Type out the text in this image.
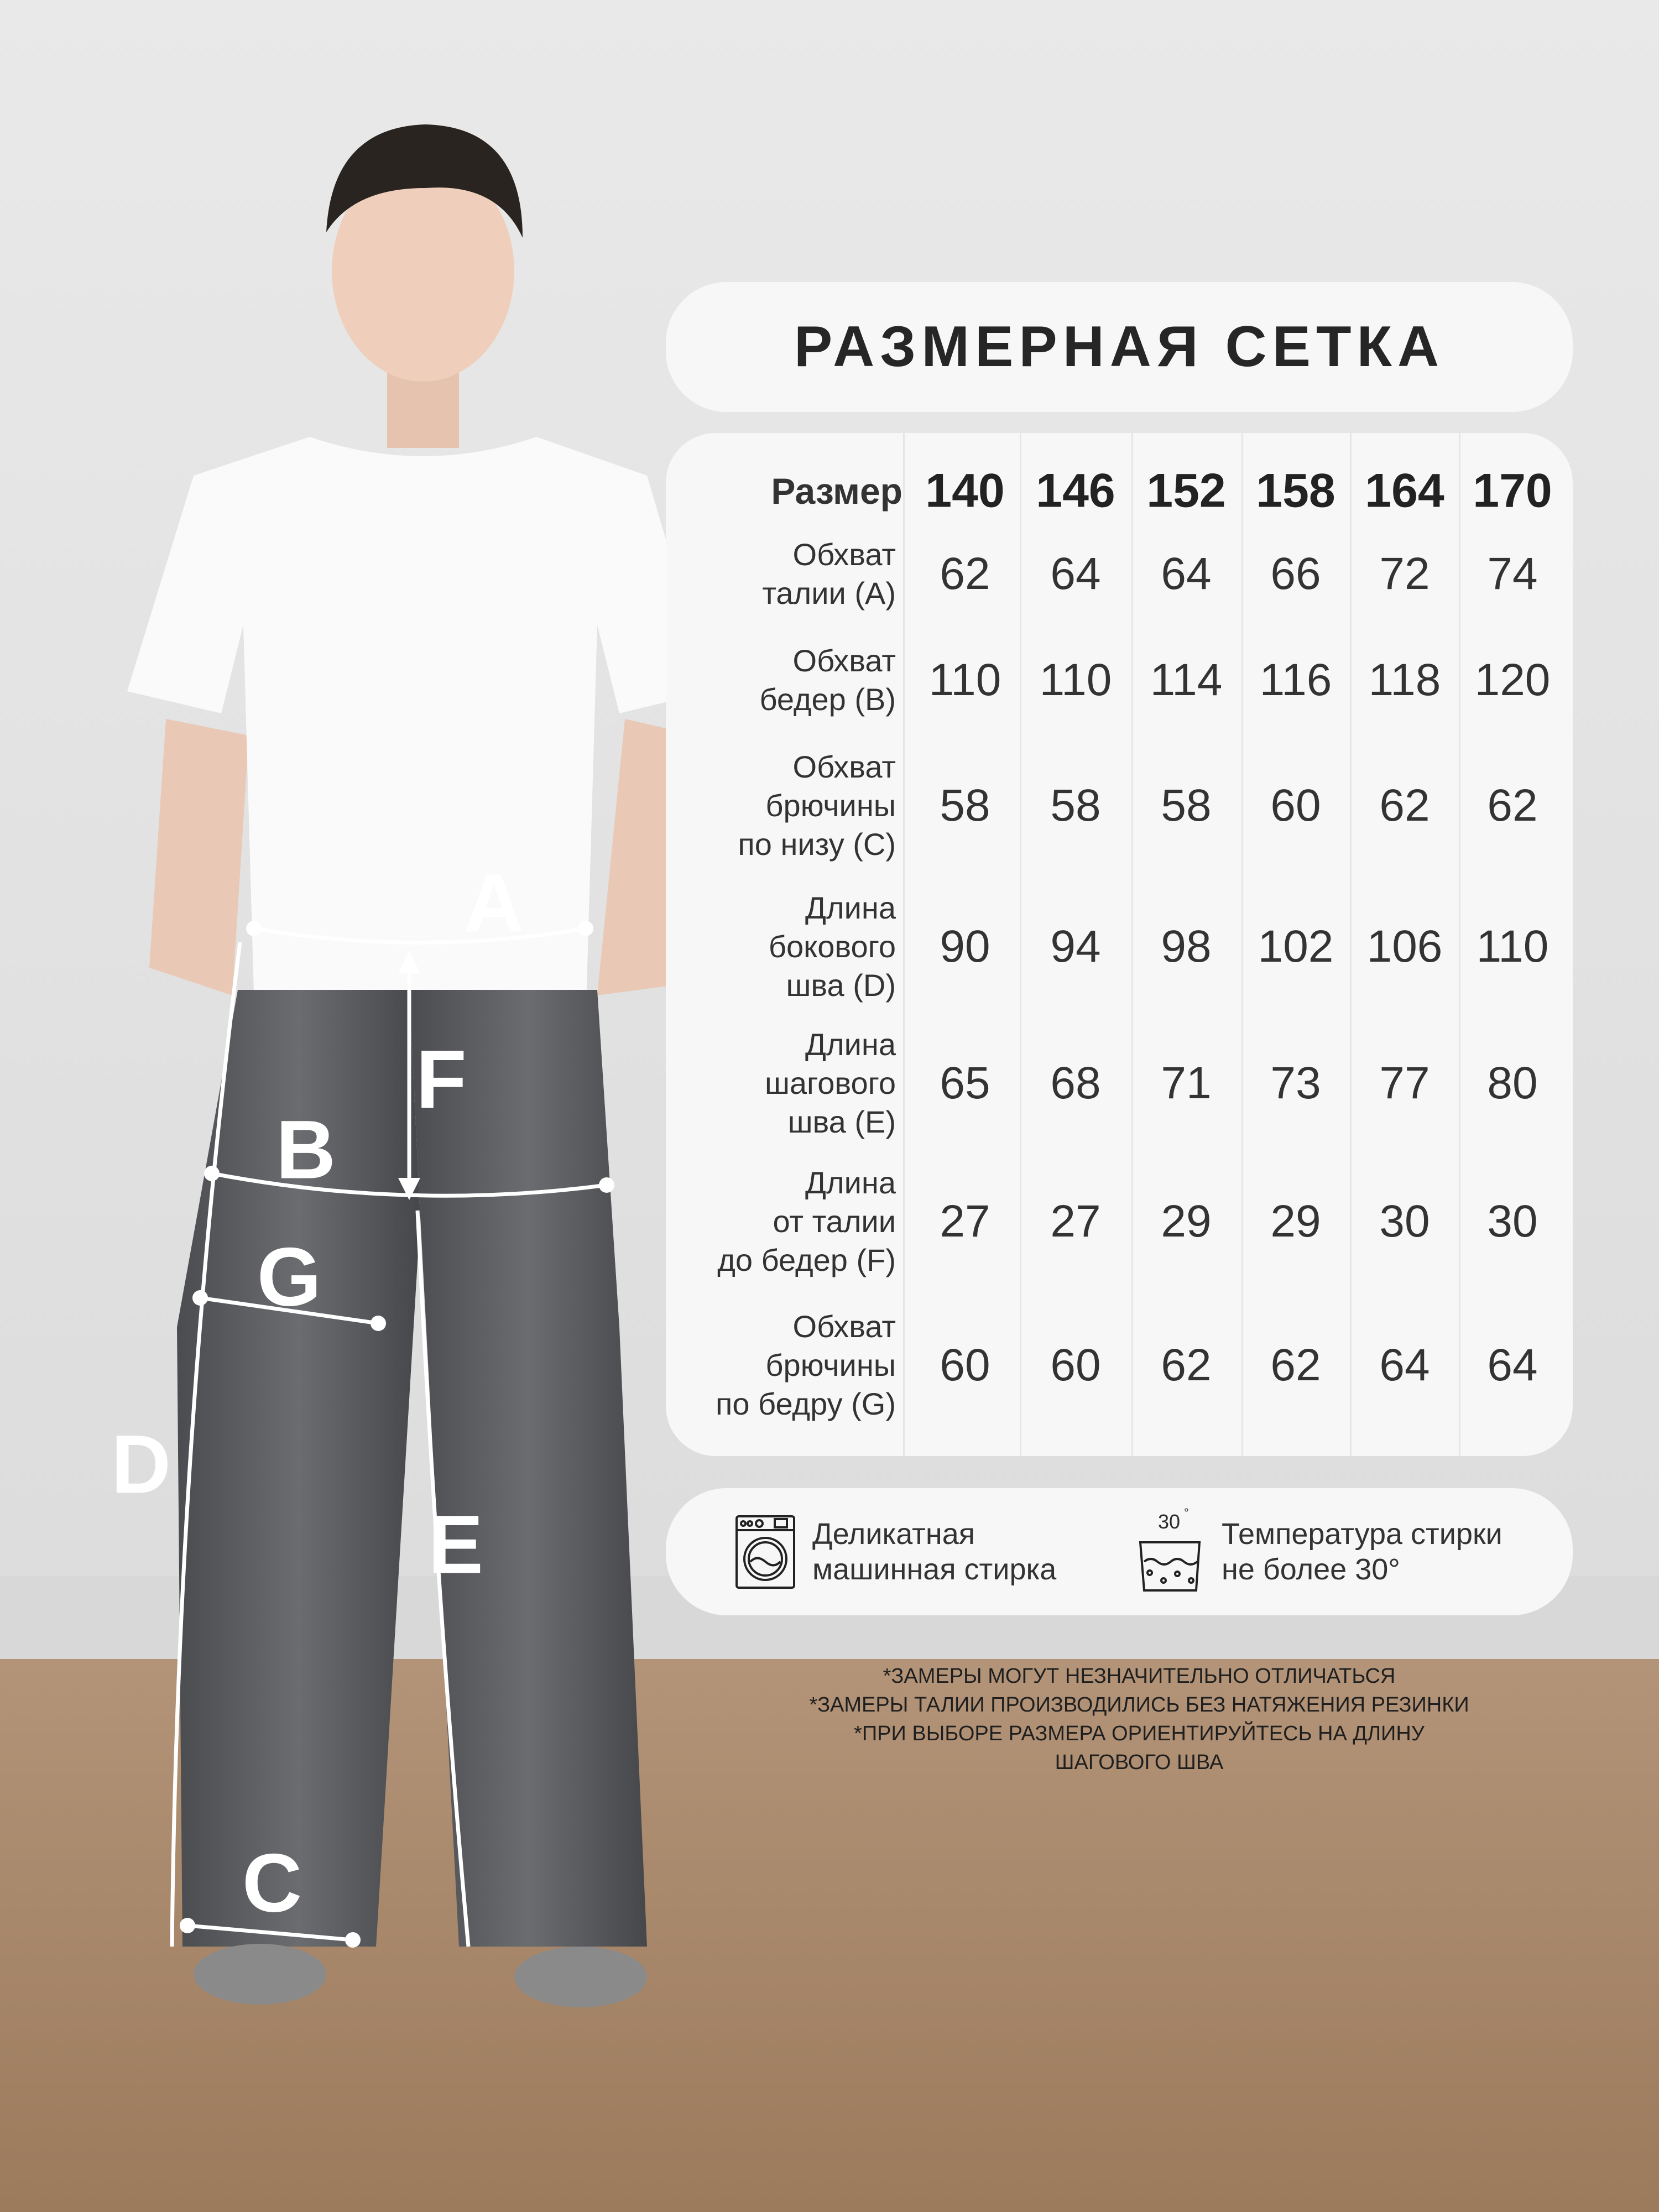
A
B
C
D
E
F
G
РАЗМЕРНАЯ СЕТКА
Размер 140 146 152 158 164 170
Обхват
талии (A) 62 64 64 66 72 74
Обхват
бедер (B) 110 110 114 116 118 120
Обхват
брючины
по низу (C)
58 58 58 60 62 62
Длина
бокового
шва (D)
90 94 98 102 106 110
Длина
шагового
шва (E)
65 68 71 73 77 80
Длина
от талии
до бедер (F)
27 27 29 29 30 30
Обхват
брючины
по бедру (G)
60 60 62 62 64 64
Деликатная
машинная стирка
30 °
Температура стирки
не более 30°
*ЗАМЕРЫ МОГУТ НЕЗНАЧИТЕЛЬНО ОТЛИЧАТЬСЯ
*ЗАМЕРЫ ТАЛИИ ПРОИЗВОДИЛИСЬ БЕЗ НАТЯЖЕНИЯ РЕЗИНКИ
*ПРИ ВЫБОРЕ РАЗМЕРА ОРИЕНТИРУЙТЕСЬ НА ДЛИНУ
ШАГОВОГО ШВА
